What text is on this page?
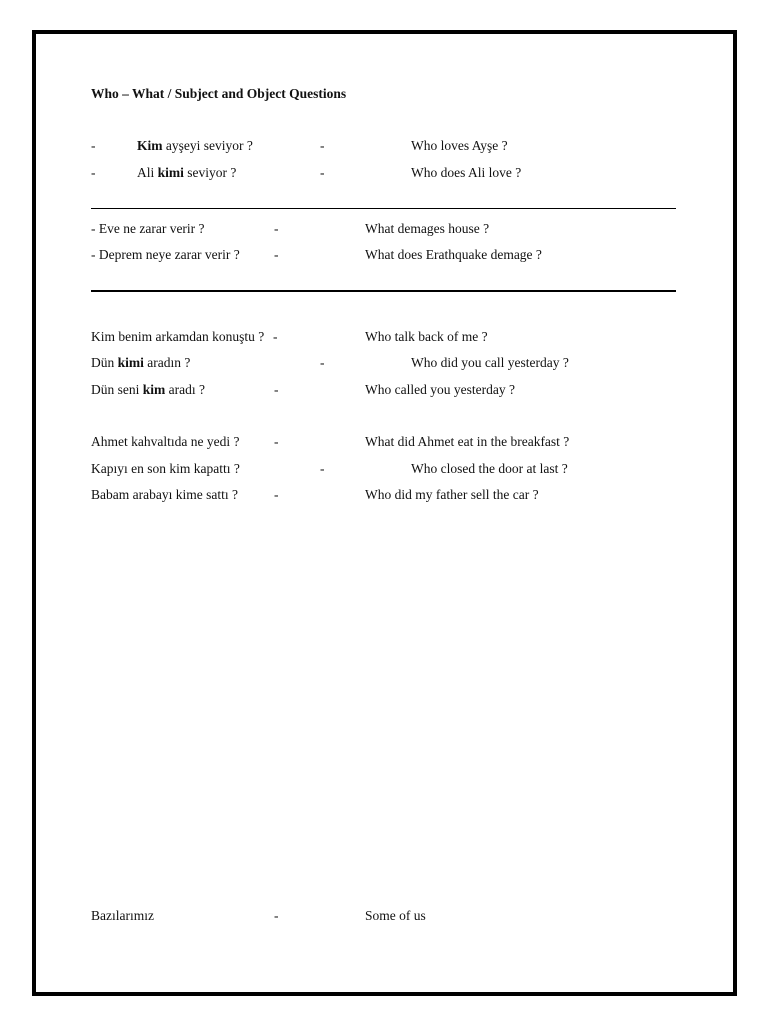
Who – What / Subject and Object Questions
-	Kim ayşeyi seviyor ?	-	Who loves Ayşe ?
-	Ali kimi seviyor ?	-	Who does Ali love ?
- Eve ne zarar verir ?	-	What demages house ?
- Deprem neye zarar verir ?	-	What does Erathquake demage ?
Kim benim arkamdan konuştu ? -	Who talk back of me ?
Dün kimi aradın ?	-	Who did you call yesterday ?
Dün seni kim aradı ?	-	Who called you yesterday ?
Ahmet kahvaltıda ne yedi ?	-	What did Ahmet eat in the breakfast ?
Kapıyı en son kim kapattı ?	-	Who closed the door at last ?
Babam arabayı kime sattı ?	-	Who did my father sell the car ?
Bazılarımız	-	Some of us
